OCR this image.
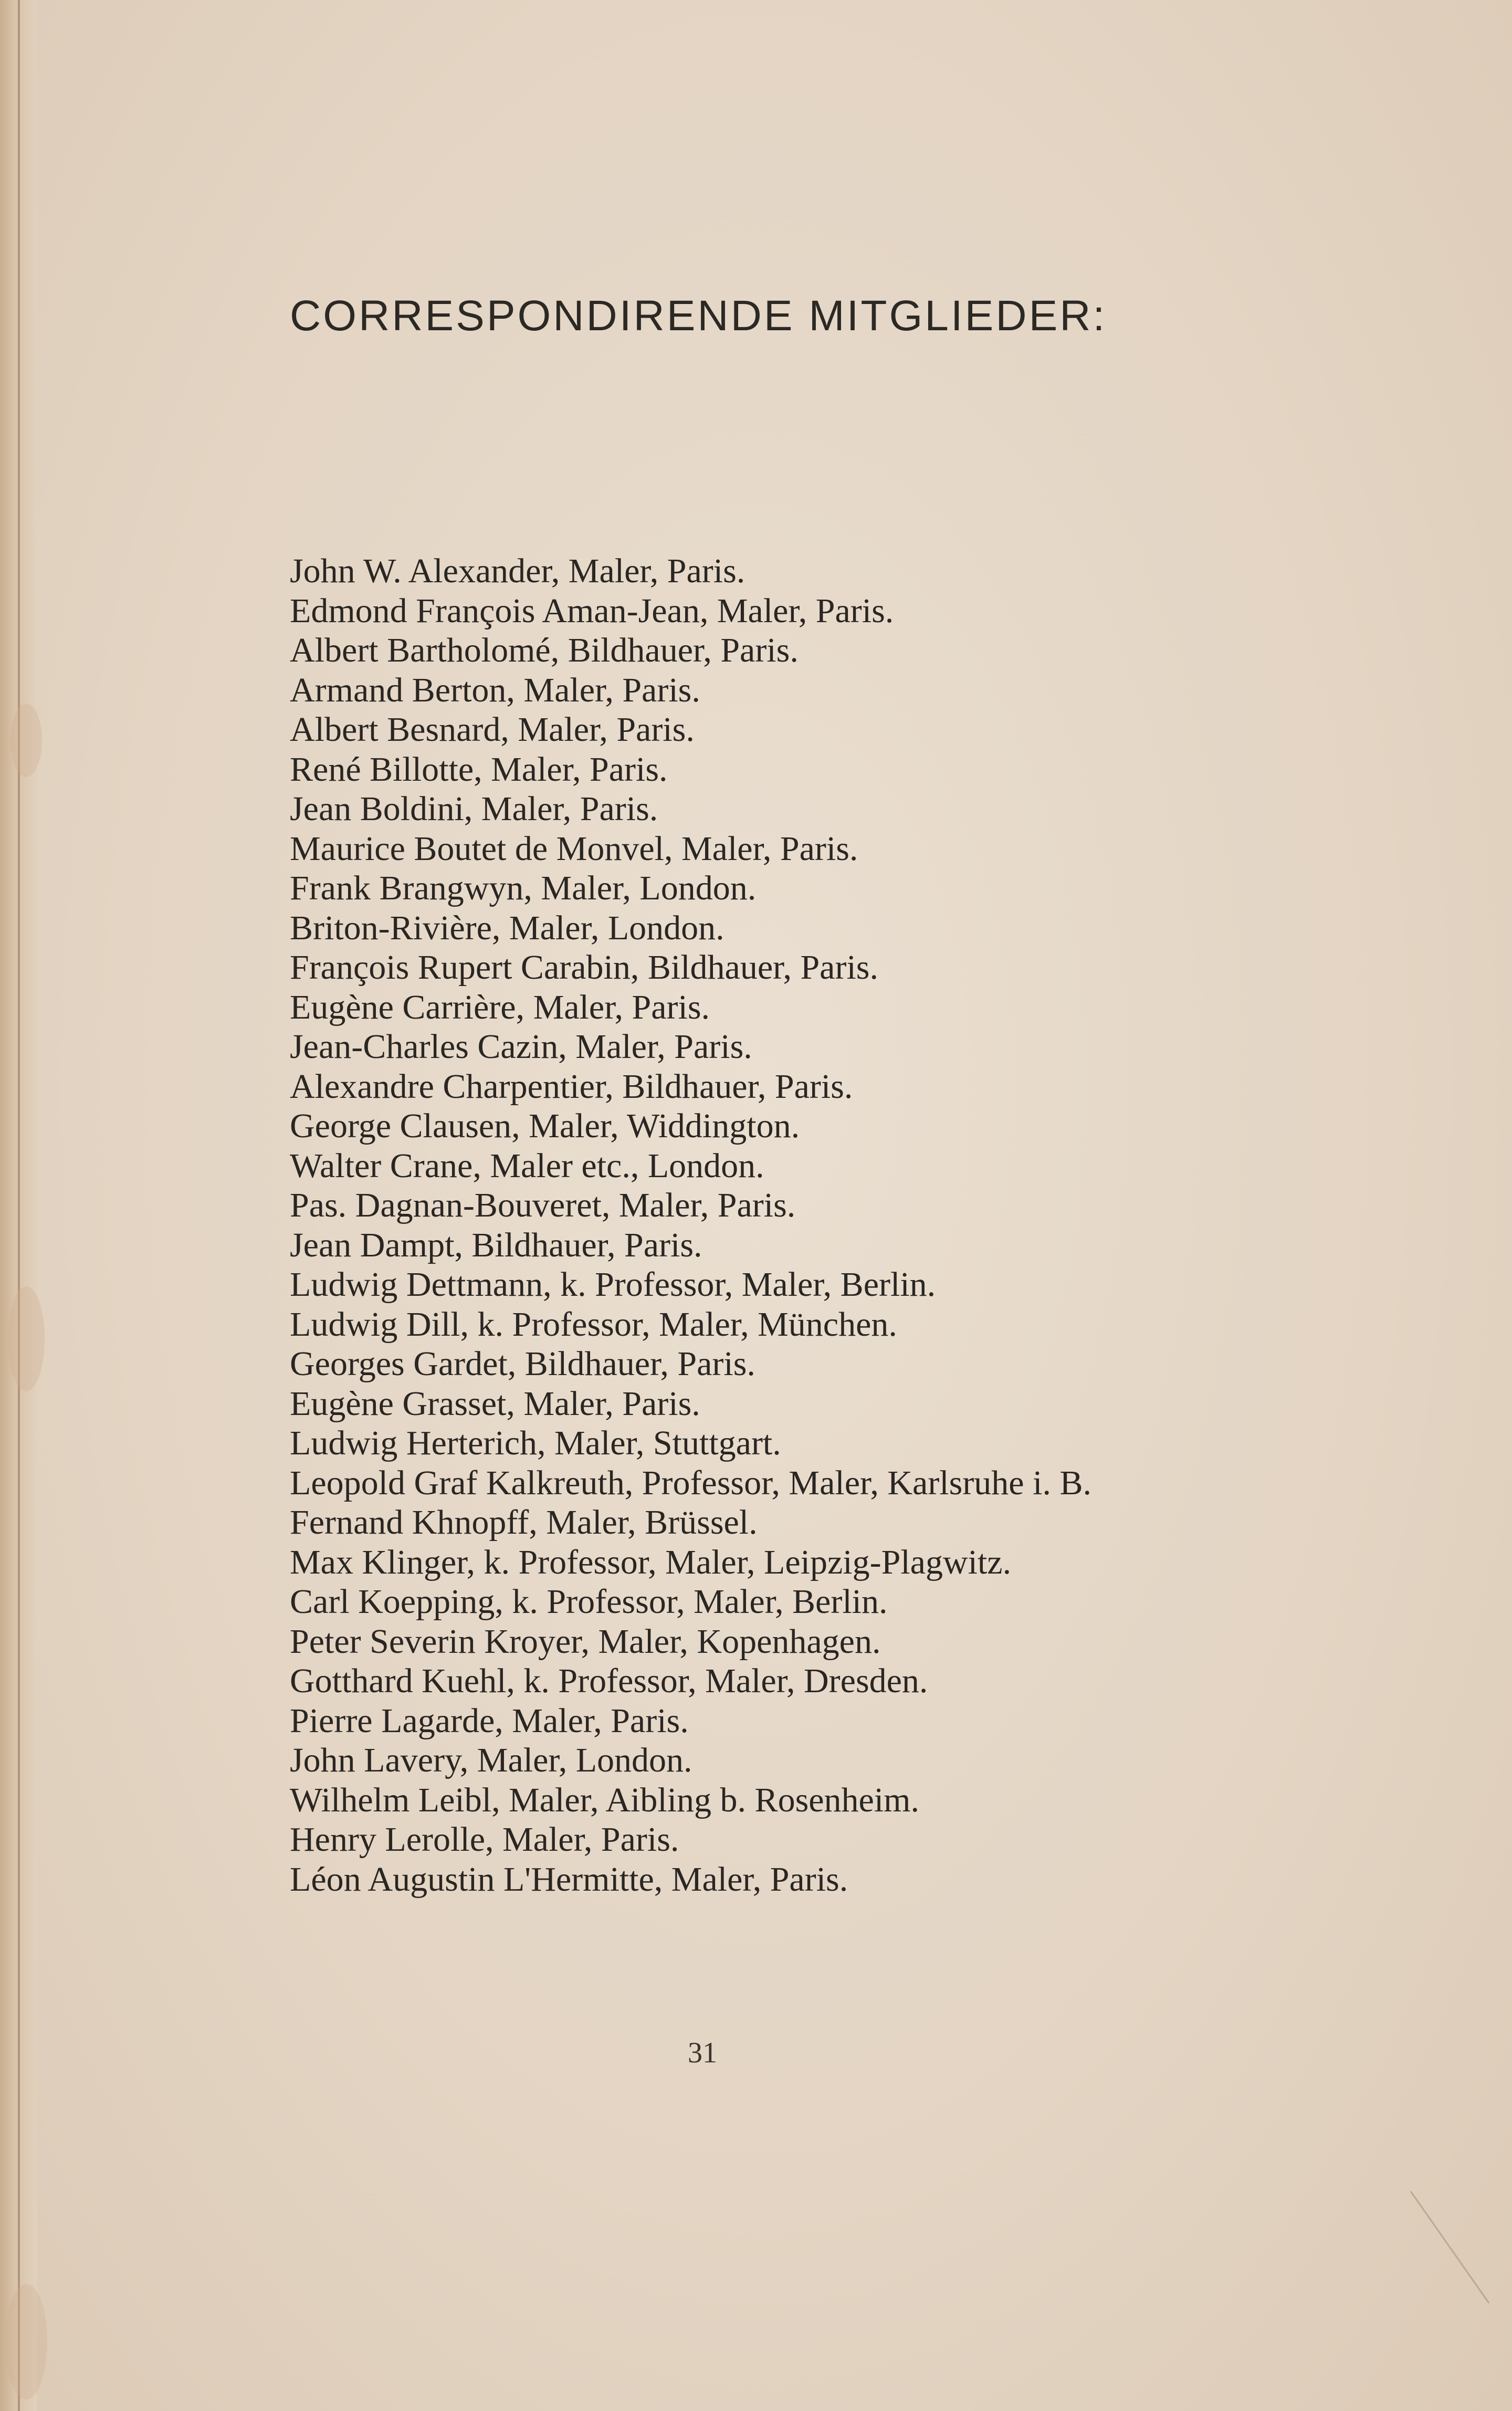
CORRESPONDIRENDE MITGLIEDER:
John W. Alexander, Maler, Paris.
Edmond François Aman-Jean, Maler, Paris.
Albert Bartholomé, Bildhauer, Paris.
Armand Berton, Maler, Paris.
Albert Besnard, Maler, Paris.
René Billotte, Maler, Paris.
Jean Boldini, Maler, Paris.
Maurice Boutet de Monvel, Maler, Paris.
Frank Brangwyn, Maler, London.
Briton-Rivière, Maler, London.
François Rupert Carabin, Bildhauer, Paris.
Eugène Carrière, Maler, Paris.
Jean-Charles Cazin, Maler, Paris.
Alexandre Charpentier, Bildhauer, Paris.
George Clausen, Maler, Widdington.
Walter Crane, Maler etc., London.
Pas. Dagnan-Bouveret, Maler, Paris.
Jean Dampt, Bildhauer, Paris.
Ludwig Dettmann, k. Professor, Maler, Berlin.
Ludwig Dill, k. Professor, Maler, München.
Georges Gardet, Bildhauer, Paris.
Eugène Grasset, Maler, Paris.
Ludwig Herterich, Maler, Stuttgart.
Leopold Graf Kalkreuth, Professor, Maler, Karlsruhe i. B.
Fernand Khnopff, Maler, Brüssel.
Max Klinger, k. Professor, Maler, Leipzig-Plagwitz.
Carl Koepping, k. Professor, Maler, Berlin.
Peter Severin Kroyer, Maler, Kopenhagen.
Gotthard Kuehl, k. Professor, Maler, Dresden.
Pierre Lagarde, Maler, Paris.
John Lavery, Maler, London.
Wilhelm Leibl, Maler, Aibling b. Rosenheim.
Henry Lerolle, Maler, Paris.
Léon Augustin L'Hermitte, Maler, Paris.
31
